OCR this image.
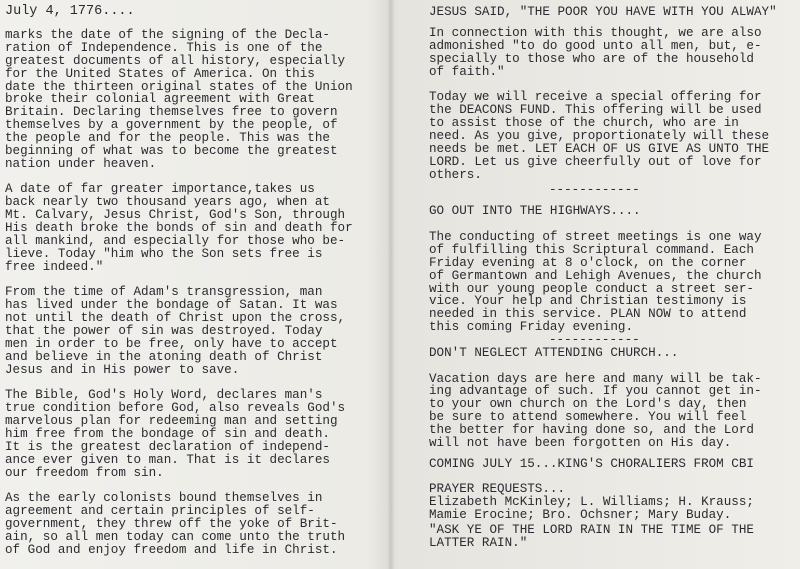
July 4, 1776....
marks the date of the signing of the Decla-
ration of Independence. This is one of the
greatest documents of all history, especially
for the United States of America. On this
date the thirteen original states of the Union
broke their colonial agreement with Great
Britain. Declaring themselves free to govern
themselves by a government by the people, of
the people and for the people. This was the
beginning of what was to become the greatest
nation under heaven.
A date of far greater importance,takes us
back nearly two thousand years ago, when at
Mt. Calvary, Jesus Christ, God's Son, through
His death broke the bonds of sin and death for
all mankind, and especially for those who be-
lieve. Today "him who the Son sets free is
free indeed."
From the time of Adam's transgression, man
has lived under the bondage of Satan. It was
not until the death of Christ upon the cross,
that the power of sin was destroyed. Today
men in order to be free, only have to accept
and believe in the atoning death of Christ
Jesus and in His power to save.
The Bible, God's Holy Word, declares man's
true condition before God, also reveals God's
marvelous plan for redeeming man and setting
him free from the bondage of sin and death.
It is the greatest declaration of independ-
ance ever given to man. That is it declares
our freedom from sin.
As the early colonists bound themselves in
agreement and certain principles of self-
government, they threw off the yoke of Brit-
ain, so all men today can come unto the truth
of God and enjoy freedom and life in Christ.
JESUS SAID, "THE POOR YOU HAVE WITH YOU ALWAY"
In connection with this thought, we are also
admonished "to do good unto all men, but, e-
specially to those who are of the household
of faith."
Today we will receive a special offering for
the DEACONS FUND. This offering will be used
to assist those of the church, who are in
need. As you give, proportionately will these
needs be met. LET EACH OF US GIVE AS UNTO THE
LORD. Let us give cheerfully out of love for
others.
------------
GO OUT INTO THE HIGHWAYS....
The conducting of street meetings is one way
of fulfilling this Scriptural command. Each
Friday evening at 8 o'clock, on the corner
of Germantown and Lehigh Avenues, the church
with our young people conduct a street ser-
vice. Your help and Christian testimony is
needed in this service. PLAN NOW to attend
this coming Friday evening.
------------
DON'T NEGLECT ATTENDING CHURCH...
Vacation days are here and many will be tak-
ing advantage of such. If you cannot get in-
to your own church on the Lord's day, then
be sure to attend somewhere. You will feel
the better for having done so, and the Lord
will not have been forgotten on His day.
COMING JULY 15...KING'S CHORALIERS FROM CBI
PRAYER REQUESTS...
Elizabeth McKinley; L. Williams; H. Krauss;
Mamie Erocine; Bro. Ochsner; Mary Buday.
"ASK YE OF THE LORD RAIN IN THE TIME OF THE
LATTER RAIN."
